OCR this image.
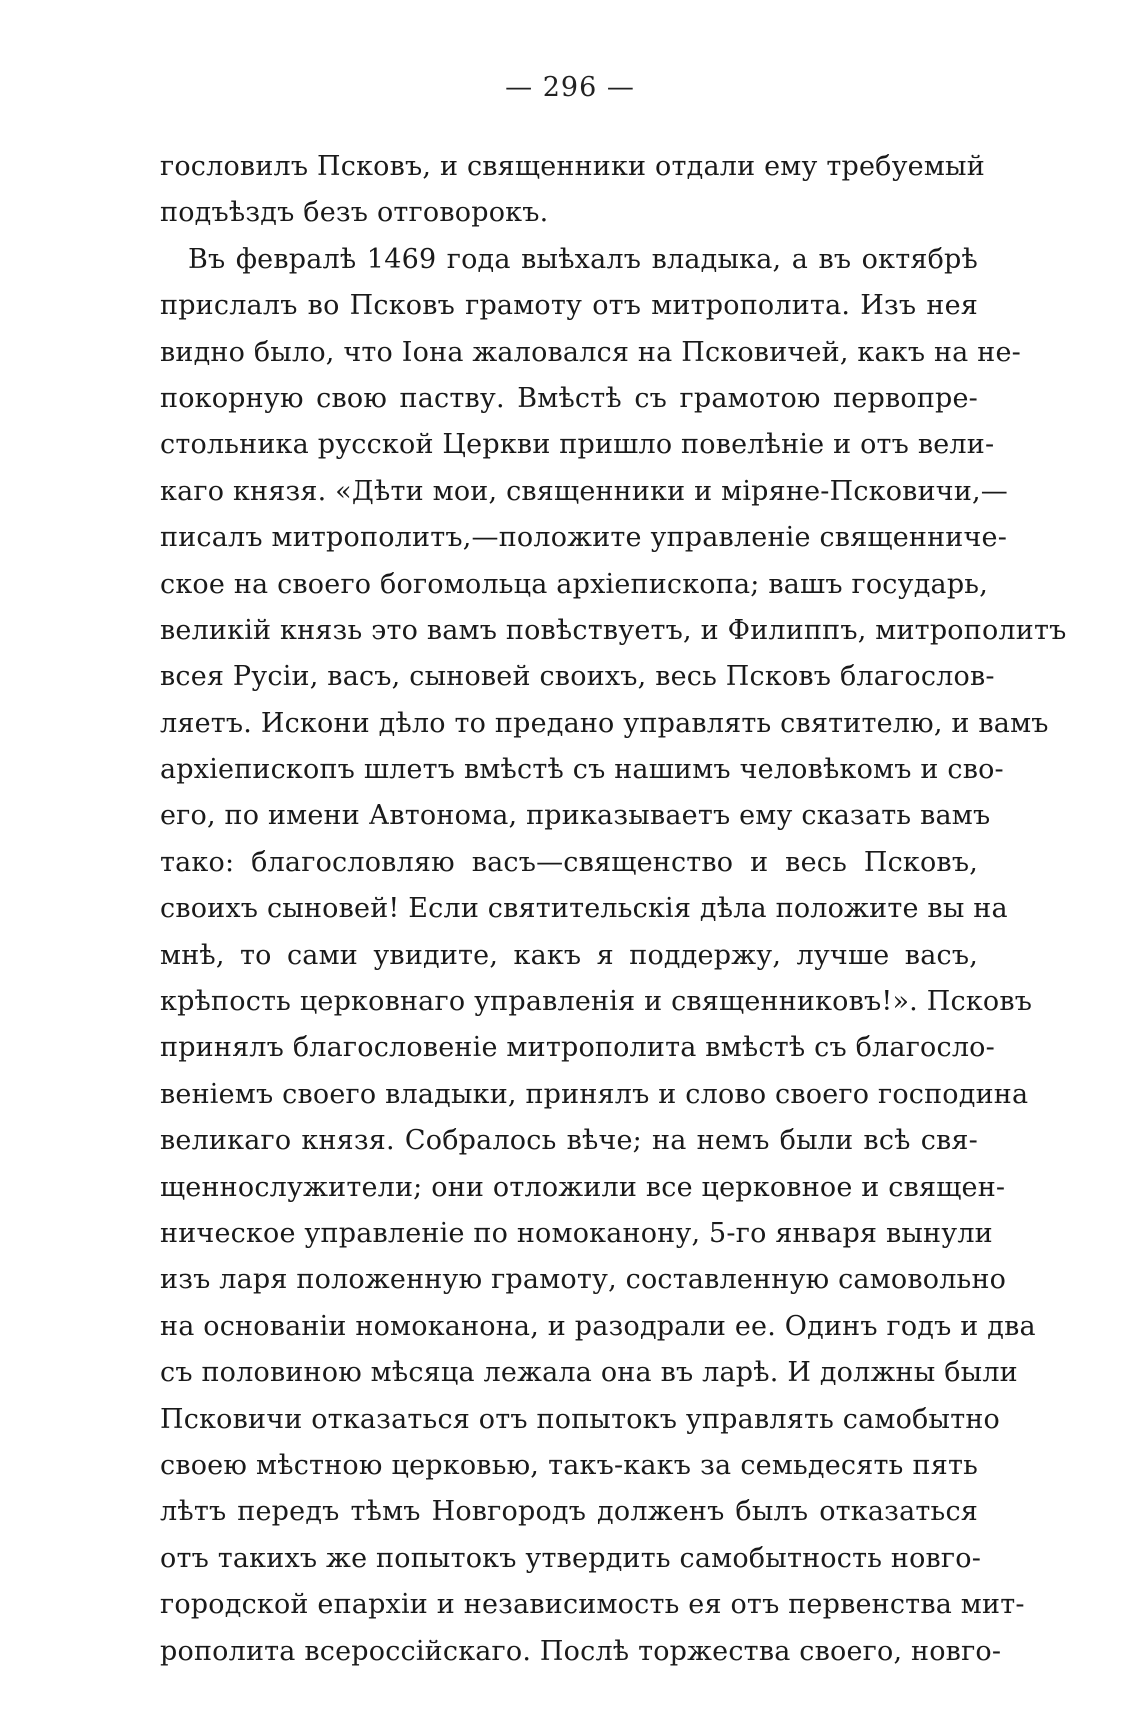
— 296 —
гословилъ Псковъ, и священники отдали ему требуемый
подъѣздъ безъ отговорокъ.
Въ февралѣ 1469 года выѣхалъ владыка, а въ октябрѣ
прислалъ во Псковъ грамоту отъ митрополита. Изъ нея
видно было, что Іона жаловался на Псковичей, какъ на не-
покорную свою паству. Вмѣстѣ съ грамотою первопре-
стольника русской Церкви пришло повелѣніе и отъ вели-
каго князя. «Дѣти мои, священники и міряне-Псковичи,—
писалъ митрополитъ,—положите управленіе священниче-
ское на своего богомольца архіепископа; вашъ государь,
великій князь это вамъ повѣствуетъ, и Филиппъ, митрополитъ
всея Русіи, васъ, сыновей своихъ, весь Псковъ благослов-
ляетъ. Искони дѣло то предано управлять святителю, и вамъ
архіепископъ шлетъ вмѣстѣ съ нашимъ человѣкомъ и сво-
его, по имени Автонома, приказываетъ ему сказать вамъ
тако: благословляю васъ—священство и весь Псковъ,
своихъ сыновей! Если святительскія дѣла положите вы на
мнѣ, то сами увидите, какъ я поддержу, лучше васъ,
крѣпость церковнаго управленія и священниковъ!». Псковъ
принялъ благословеніе митрополита вмѣстѣ съ благосло-
веніемъ своего владыки, принялъ и слово своего господина
великаго князя. Собралось вѣче; на немъ были всѣ свя-
щеннослужители; они отложили все церковное и священ-
ническое управленіе по номоканону, 5-го января вынули
изъ ларя положенную грамоту, составленную самовольно
на основаніи номоканона, и разодрали ее. Одинъ годъ и два
съ половиною мѣсяца лежала она въ ларѣ. И должны были
Псковичи отказаться отъ попытокъ управлять самобытно
своею мѣстною церковью, такъ-какъ за семьдесять пять
лѣтъ передъ тѣмъ Новгородъ долженъ былъ отказаться
отъ такихъ же попытокъ утвердить самобытность новго-
городской епархіи и независимость ея отъ первенства мит-
рополита всероссійскаго. Послѣ торжества своего, новго-
